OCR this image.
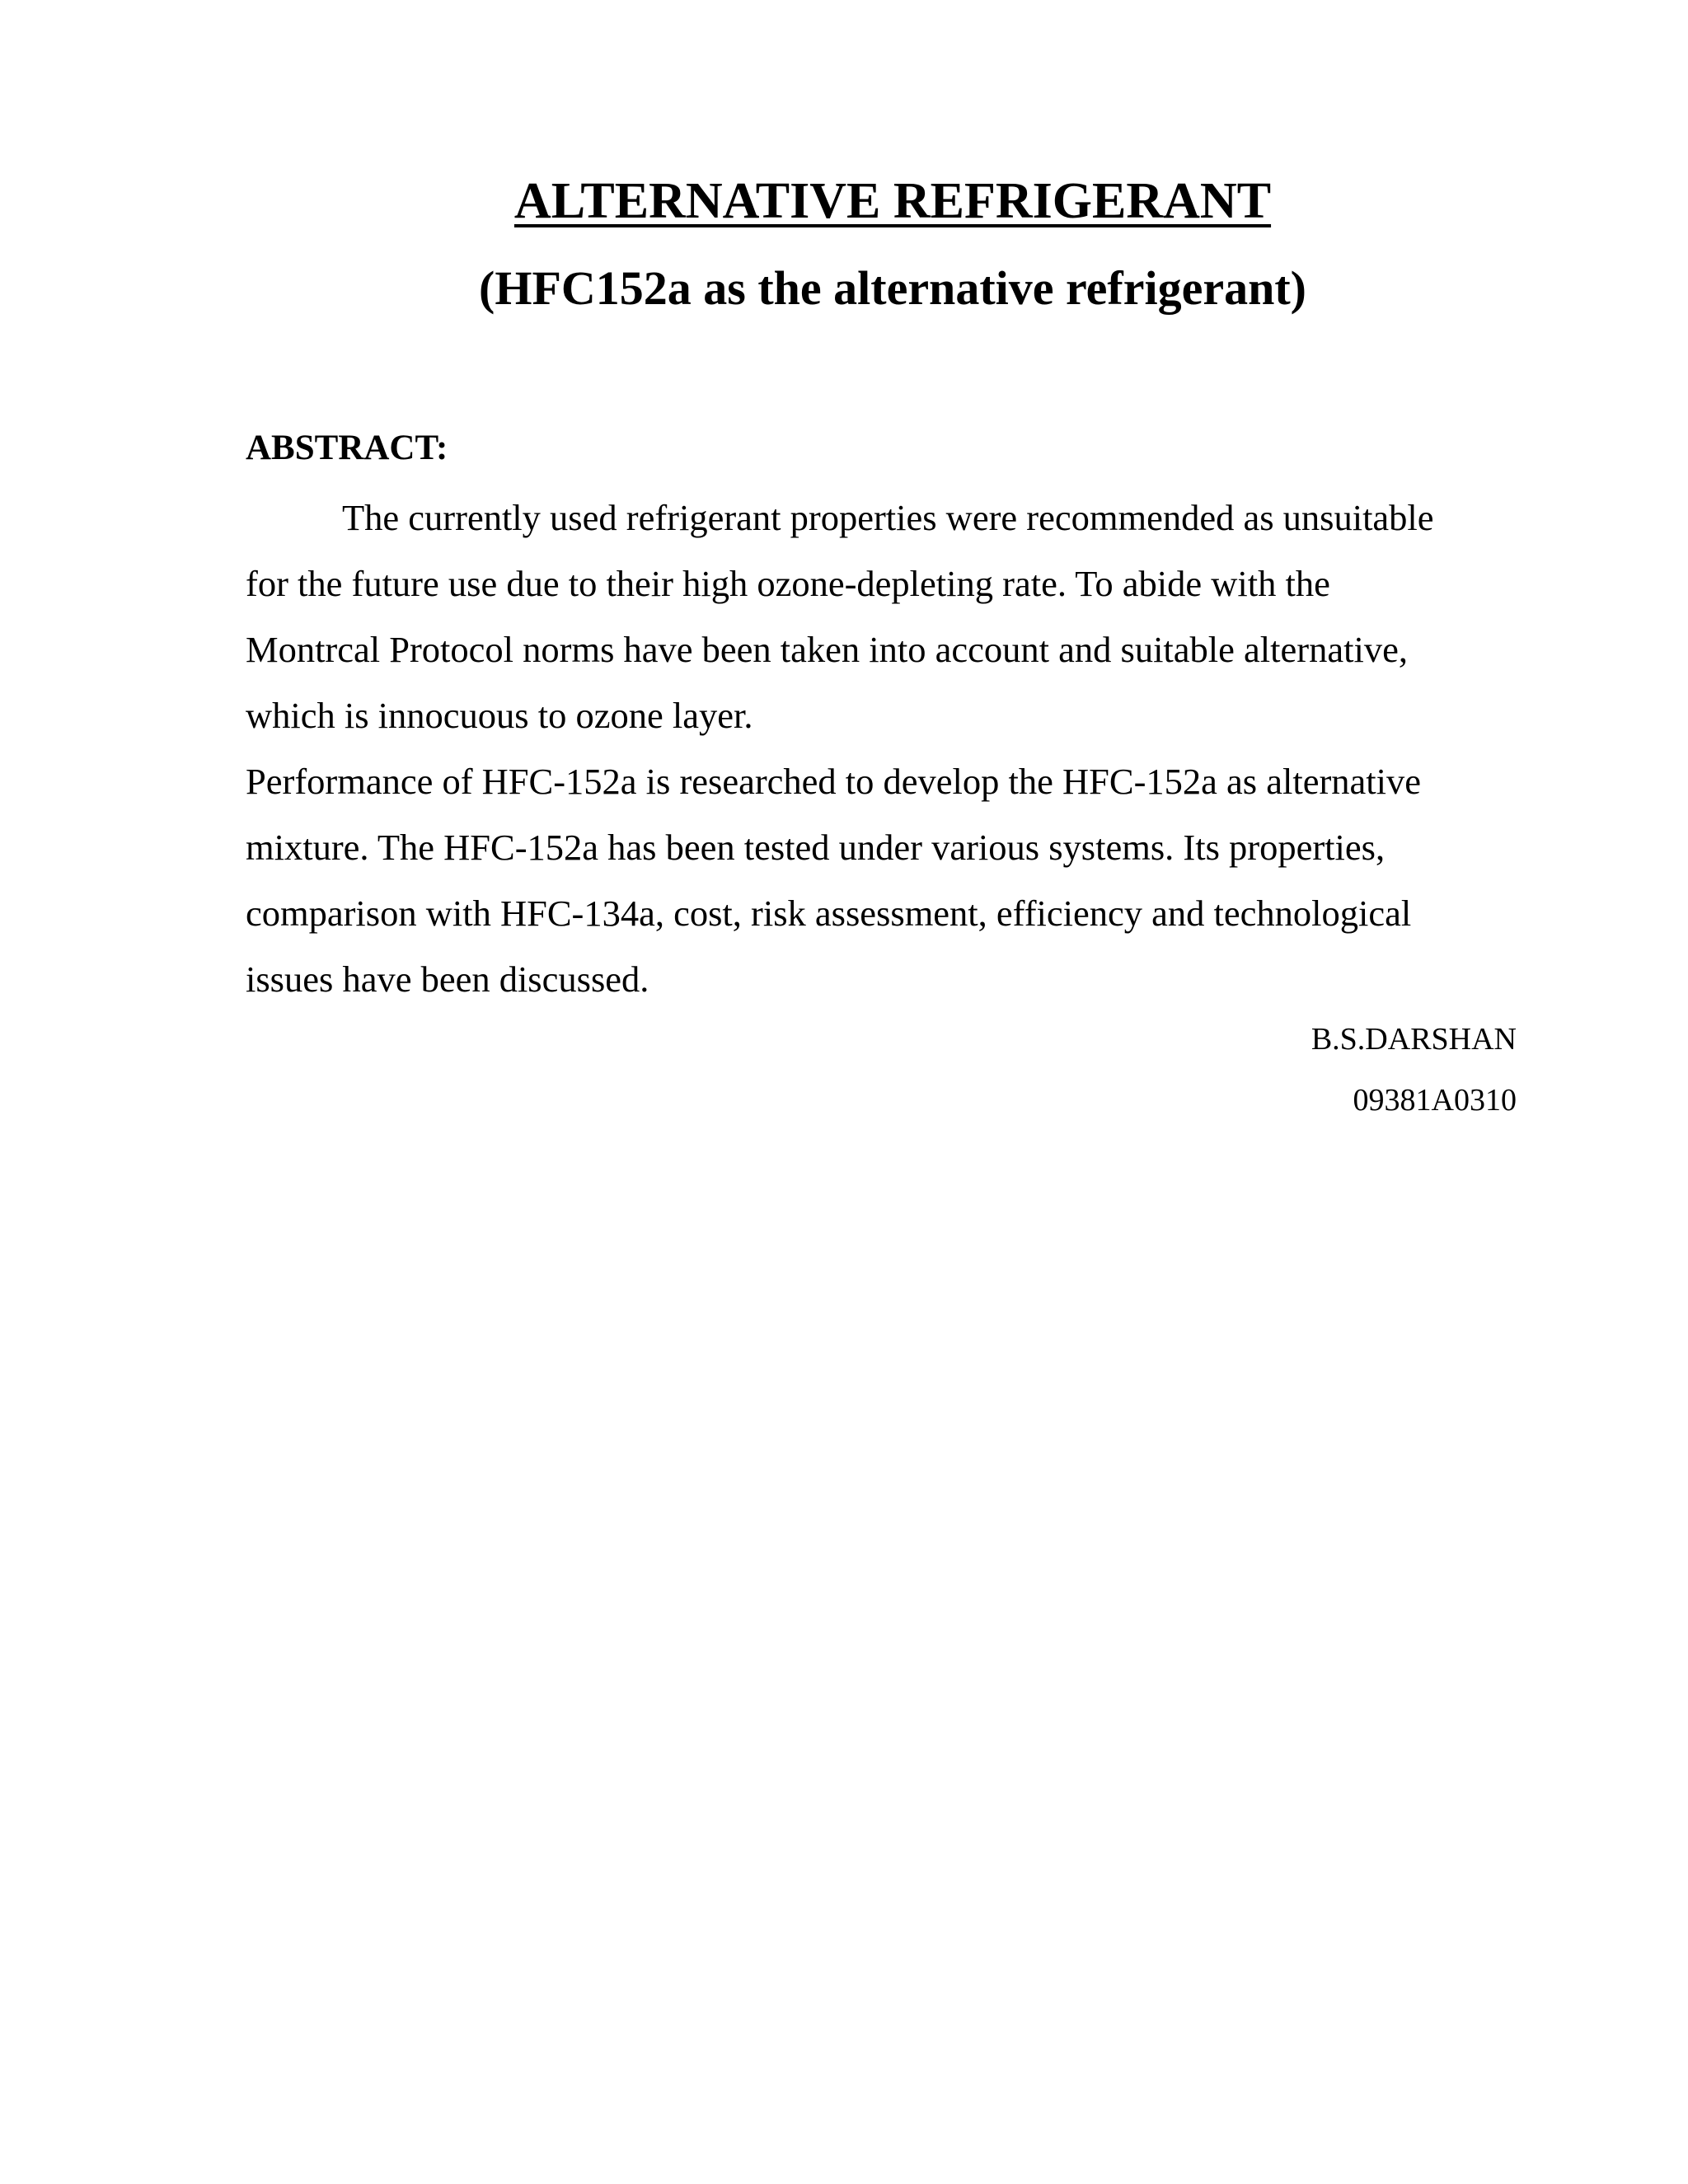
ALTERNATIVE REFRIGERANT
(HFC152a as the alternative refrigerant)
ABSTRACT:
The currently used refrigerant properties were recommended as unsuitable
for the future use due to their high ozone-depleting rate. To abide with the
Montrcal Protocol norms have been taken into account and suitable alternative,
which is innocuous to ozone layer.
Performance of HFC-152a is researched to develop the HFC-152a as alternative
mixture. The HFC-152a has been tested under various systems. Its properties,
comparison with HFC-134a, cost, risk assessment, efficiency and technological
issues have been discussed.
B.S.DARSHAN
09381A0310
